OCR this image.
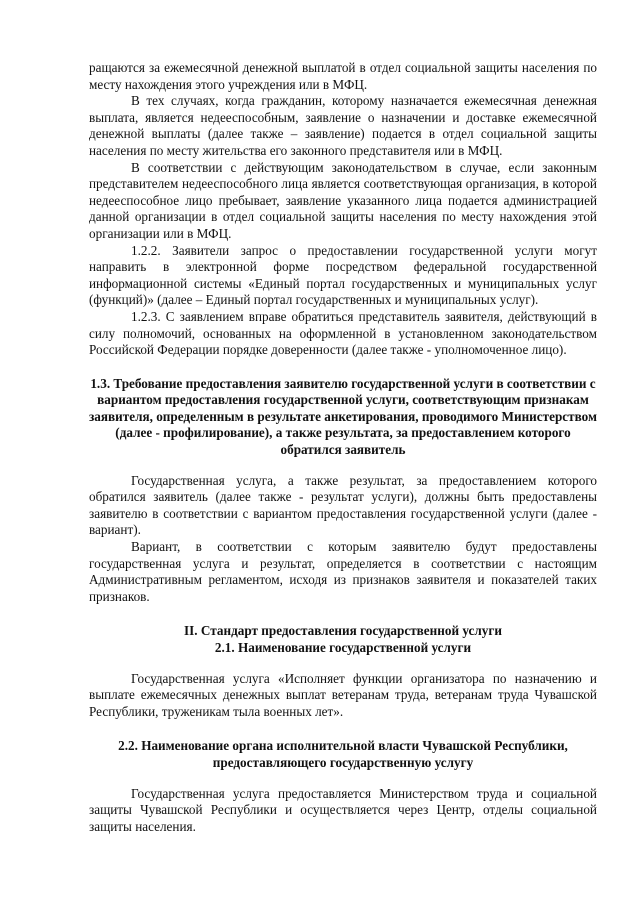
ращаются за ежемесячной денежной выплатой в отдел социальной защиты населения по месту нахождения этого учреждения или в МФЦ.

В тех случаях, когда гражданин, которому назначается ежемесячная денежная выплата, является недееспособным, заявление о назначении и доставке ежемесячной денежной выплаты (далее также – заявление) подается в отдел социальной защиты населения по месту жительства его законного представителя или в МФЦ.

В соответствии с действующим законодательством в случае, если законным представителем недееспособного лица является соответствующая организация, в которой недееспособное лицо пребывает, заявление указанного лица подается администрацией данной организации в отдел социальной защиты населения по месту нахождения этой организации или в МФЦ.

1.2.2. Заявители запрос о предоставлении государственной услуги могут направить в электронной форме посредством федеральной государственной информационной системы «Единый портал государственных и муниципальных услуг (функций)» (далее – Единый портал государственных и муниципальных услуг).

1.2.3. С заявлением вправе обратиться представитель заявителя, действующий в силу полномочий, основанных на оформленной в установленном законодательством Российской Федерации порядке доверенности (далее также - уполномоченное лицо).

1.3. Требование предоставления заявителю государственной услуги в соответствии с вариантом предоставления государственной услуги, соответствующим признакам заявителя, определенным в результате анкетирования, проводимого Министерством (далее - профилирование), а также результата, за предоставлением которого обратился заявитель

Государственная услуга, а также результат, за предоставлением которого обратился заявитель (далее также - результат услуги), должны быть предоставлены заявителю в соответствии с вариантом предоставления государственной услуги (далее - вариант).

Вариант, в соответствии с которым заявителю будут предоставлены государственная услуга и результат, определяется в соответствии с настоящим Административным регламентом, исходя из признаков заявителя и показателей таких признаков.

II. Стандарт предоставления государственной услуги

2.1. Наименование государственной услуги

Государственная услуга «Исполняет функции организатора по назначению и выплате ежемесячных денежных выплат ветеранам труда, ветеранам труда Чувашской Республики, труженикам тыла военных лет».

2.2. Наименование органа исполнительной власти Чувашской Республики, предоставляющего государственную услугу

Государственная услуга предоставляется Министерством труда и социальной защиты Чувашской Республики и осуществляется через Центр, отделы социальной защиты населения.
